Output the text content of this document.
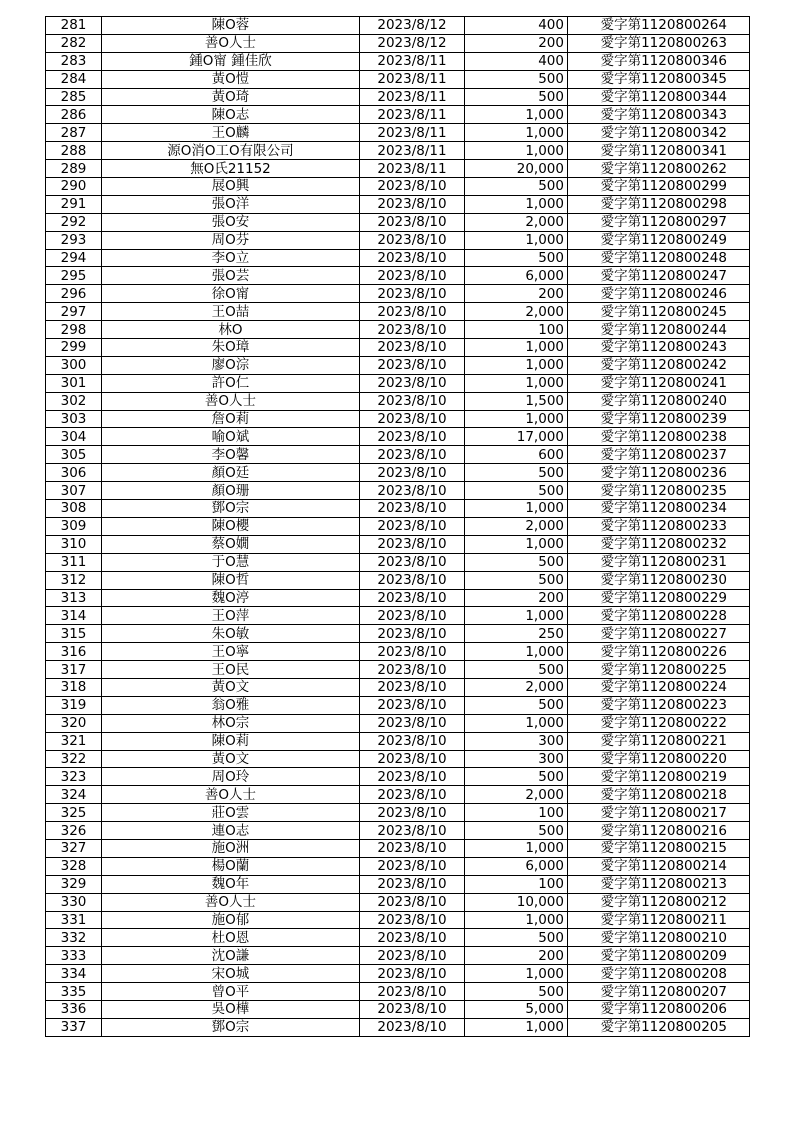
281	陳O蓉	2023/8/12	400	愛字第1120800264
282	善O人士	2023/8/12	200	愛字第1120800263
283	鍾O甯 鍾佳欣	2023/8/11	400	愛字第1120800346
284	黃O愷	2023/8/11	500	愛字第1120800345
285	黃O琦	2023/8/11	500	愛字第1120800344
286	陳O志	2023/8/11	1,000	愛字第1120800343
287	王O麟	2023/8/11	1,000	愛字第1120800342
288	源O消O工O有限公司	2023/8/11	1,000	愛字第1120800341
289	無O氏21152	2023/8/11	20,000	愛字第1120800262
290	展O興	2023/8/10	500	愛字第1120800299
291	張O洋	2023/8/10	1,000	愛字第1120800298
292	張O安	2023/8/10	2,000	愛字第1120800297
293	周O芬	2023/8/10	1,000	愛字第1120800249
294	李O立	2023/8/10	500	愛字第1120800248
295	張O芸	2023/8/10	6,000	愛字第1120800247
296	徐O甯	2023/8/10	200	愛字第1120800246
297	王O喆	2023/8/10	2,000	愛字第1120800245
298	林O	2023/8/10	100	愛字第1120800244
299	朱O璋	2023/8/10	1,000	愛字第1120800243
300	廖O淙	2023/8/10	1,000	愛字第1120800242
301	許O仁	2023/8/10	1,000	愛字第1120800241
302	善O人士	2023/8/10	1,500	愛字第1120800240
303	詹O莉	2023/8/10	1,000	愛字第1120800239
304	喻O斌	2023/8/10	17,000	愛字第1120800238
305	李O馨	2023/8/10	600	愛字第1120800237
306	顏O廷	2023/8/10	500	愛字第1120800236
307	顏O珊	2023/8/10	500	愛字第1120800235
308	鄧O宗	2023/8/10	1,000	愛字第1120800234
309	陳O櫻	2023/8/10	2,000	愛字第1120800233
310	蔡O嫺	2023/8/10	1,000	愛字第1120800232
311	于O慧	2023/8/10	500	愛字第1120800231
312	陳O哲	2023/8/10	500	愛字第1120800230
313	魏O渟	2023/8/10	200	愛字第1120800229
314	王O萍	2023/8/10	1,000	愛字第1120800228
315	朱O敏	2023/8/10	250	愛字第1120800227
316	王O寧	2023/8/10	1,000	愛字第1120800226
317	王O民	2023/8/10	500	愛字第1120800225
318	黃O文	2023/8/10	2,000	愛字第1120800224
319	翁O雅	2023/8/10	500	愛字第1120800223
320	林O宗	2023/8/10	1,000	愛字第1120800222
321	陳O莉	2023/8/10	300	愛字第1120800221
322	黃O文	2023/8/10	300	愛字第1120800220
323	周O玲	2023/8/10	500	愛字第1120800219
324	善O人士	2023/8/10	2,000	愛字第1120800218
325	莊O雲	2023/8/10	100	愛字第1120800217
326	連O志	2023/8/10	500	愛字第1120800216
327	施O洲	2023/8/10	1,000	愛字第1120800215
328	楊O蘭	2023/8/10	6,000	愛字第1120800214
329	魏O年	2023/8/10	100	愛字第1120800213
330	善O人士	2023/8/10	10,000	愛字第1120800212
331	施O郁	2023/8/10	1,000	愛字第1120800211
332	杜O恩	2023/8/10	500	愛字第1120800210
333	沈O謙	2023/8/10	200	愛字第1120800209
334	宋O城	2023/8/10	1,000	愛字第1120800208
335	曾O平	2023/8/10	500	愛字第1120800207
336	吳O樺	2023/8/10	5,000	愛字第1120800206
337	鄧O宗	2023/8/10	1,000	愛字第1120800205
